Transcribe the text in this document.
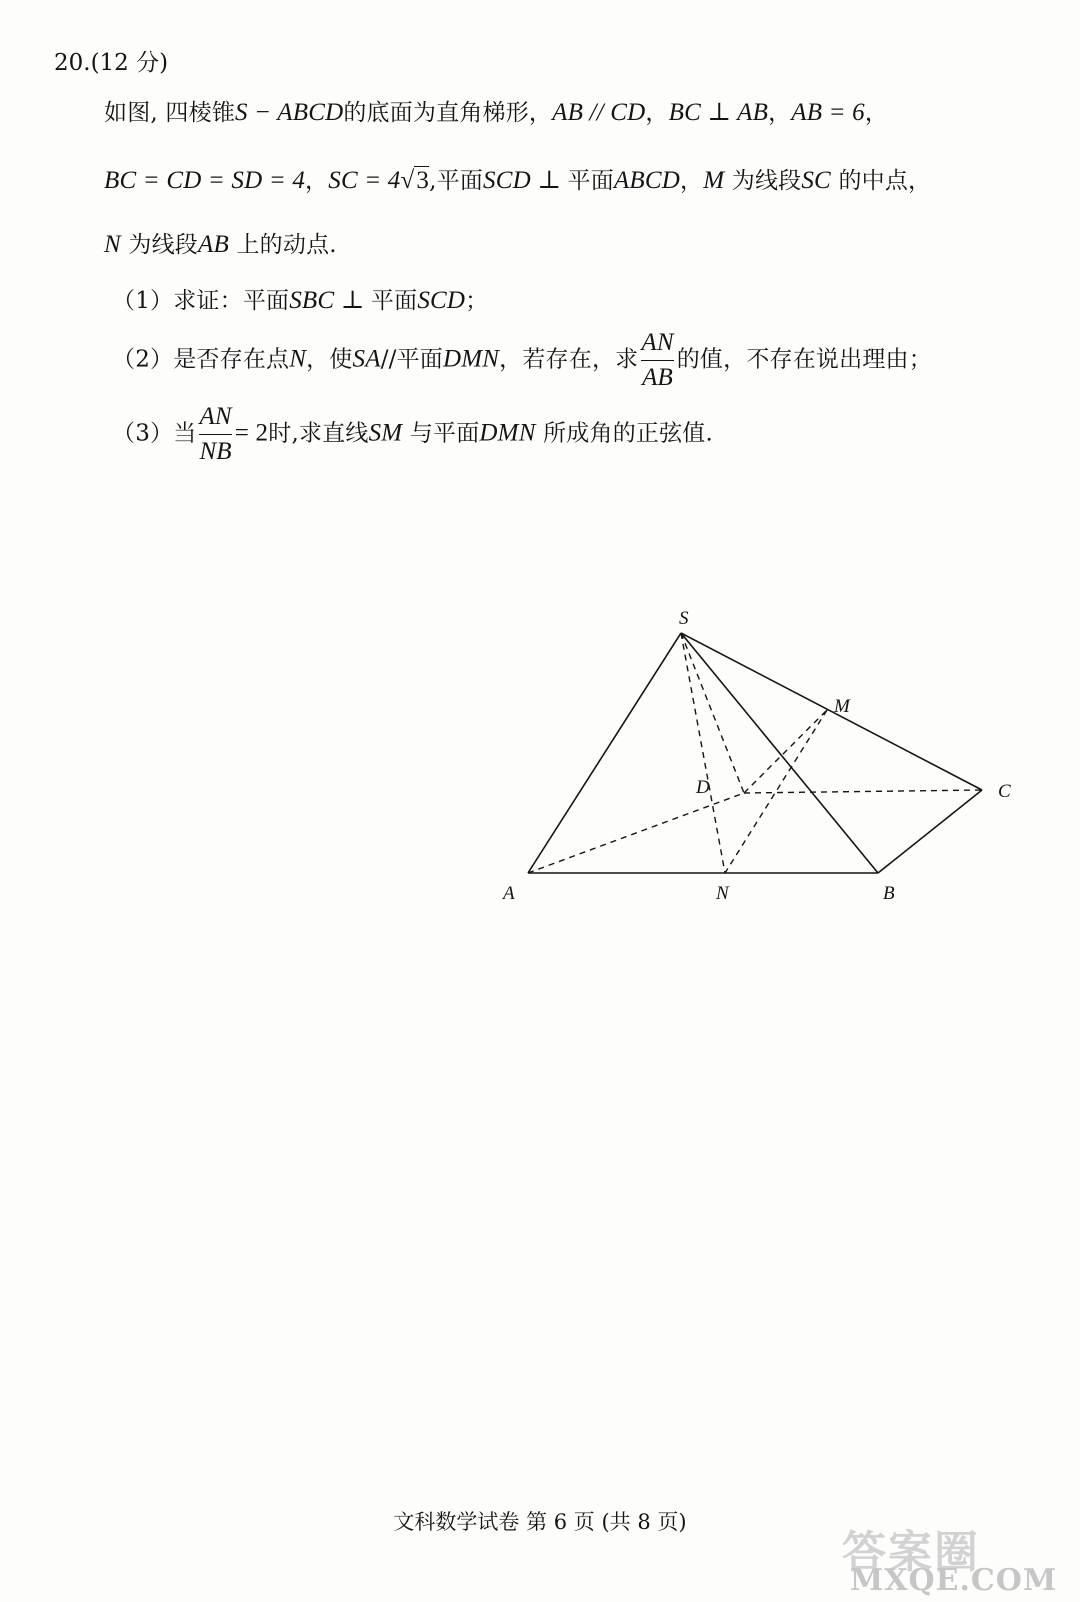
20.(12 分)
如图, 四棱锥S − ABCD的底面为直角梯形，AB // CD，BC ⊥ AB，AB = 6，
BC = CD = SD = 4，SC = 4√3,平面SCD ⊥ 平面ABCD，M 为线段SC 的中点，
N 为线段AB 上的动点.
（1）求证：平面SBC ⊥ 平面SCD；
（2）是否存在点N，使SA//平面DMN，若存在，求 $\frac{AN}{AB}$ 的值，不存在说出理由；
（3）当 $\frac{AN}{NB} = 2$时,求直线SM 与平面DMN 所成角的正弦值.
S
M
D	C
A	N	B
文科数学试卷 第 6 页 (共 8 页)
答案圈
MXQE.COM
